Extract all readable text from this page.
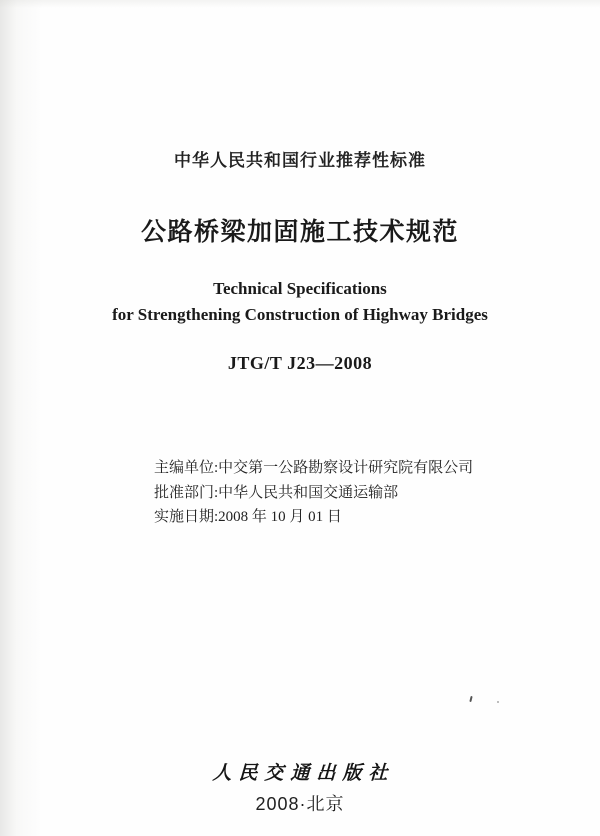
中华人民共和国行业推荐性标准
公路桥梁加固施工技术规范
Technical Specifications
for Strengthening Construction of Highway Bridges
JTG/T J23—2008
主编单位:中交第一公路勘察设计研究院有限公司
批准部门:中华人民共和国交通运输部
实施日期:2008 年 10 月 01 日
人民交通出版社
2008·北京
